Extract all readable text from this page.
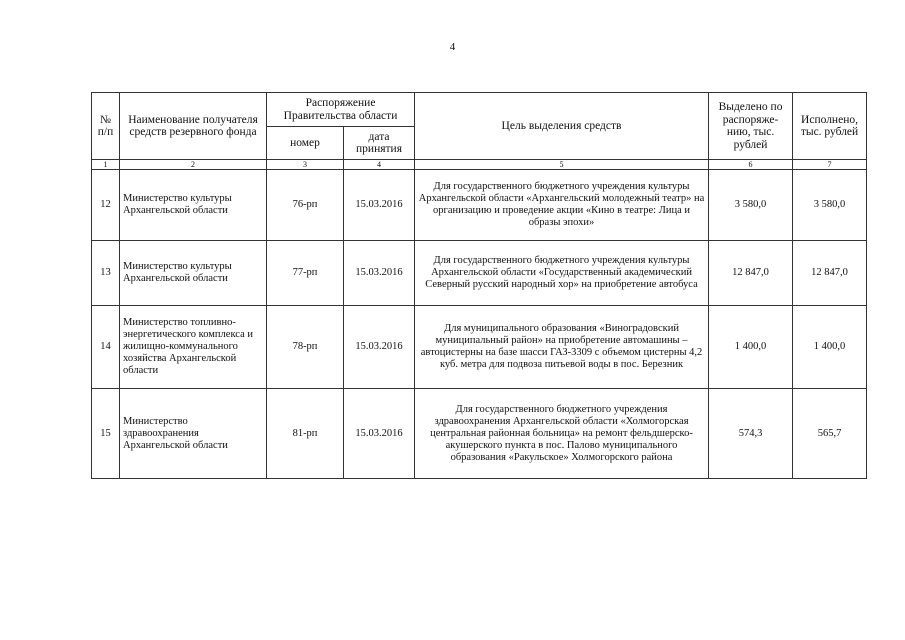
4
№ п/п	Наименование получателя средств резервного фонда	Распоряжение Правительства области		Цель выделения средств	Выделено по распоряже-нию, тыс. рублей	Исполнено, тыс. рублей
		номер	дата принятия			
1	2	3	4	5	6	7
12	Министерство культуры Архангельской области	76-рп	15.03.2016	Для государственного бюджетного учреждения культуры Архангельской области «Архангельский молодежный театр» на организацию и проведение акции «Кино в театре: Лица и образы эпохи»	3 580,0	3 580,0
13	Министерство культуры Архангельской области	77-рп	15.03.2016	Для государственного бюджетного учреждения культуры Архангельской области «Государственный академический Северный русский народный хор» на приобретение автобуса	12 847,0	12 847,0
14	Министерство топливно-энергетического комплекса и жилищно-коммунального хозяйства Архангельской области	78-рп	15.03.2016	Для муниципального образования «Виноградовский муниципальный район» на приобретение автомашины – автоцистерны на базе шасси ГАЗ-3309 с объемом цистерны 4,2 куб. метра для подвоза питьевой воды в пос. Березник	1 400,0	1 400,0
15	Министерство здравоохранения Архангельской области	81-рп	15.03.2016	Для государственного бюджетного учреждения здравоохранения Архангельской области «Холмогорская центральная районная больница» на ремонт фельдшерско-акушерского пункта в пос. Палово муниципального образования «Ракульское» Холмогорского района	574,3	565,7
